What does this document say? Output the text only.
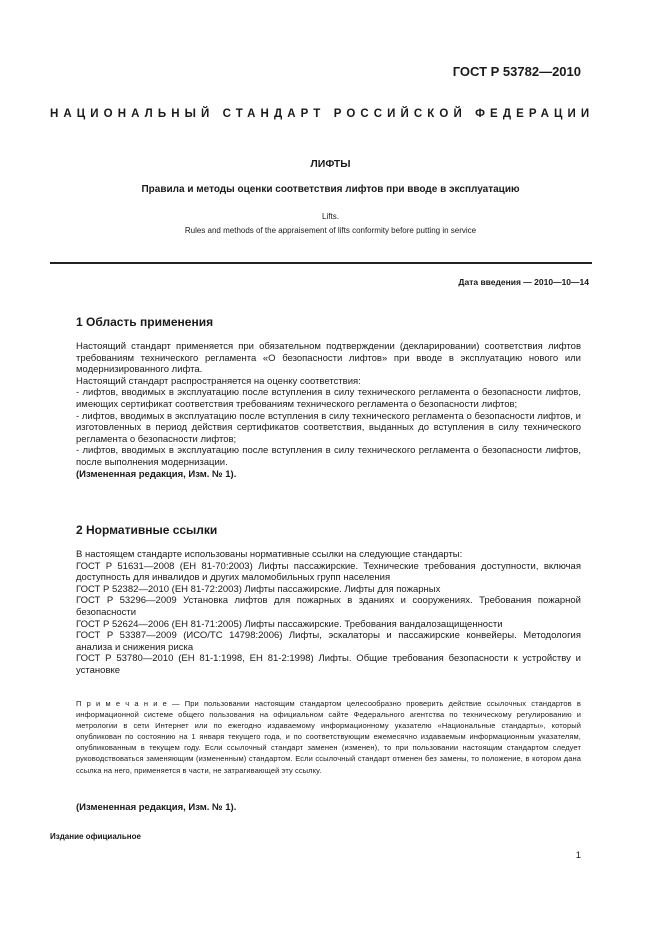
ГОСТ Р 53782—2010
НАЦИОНАЛЬНЫЙ СТАНДАРТ РОССИЙСКОЙ ФЕДЕРАЦИИ
ЛИФТЫ
Правила и методы оценки соответствия лифтов при вводе в эксплуатацию
Lifts.
Rules and methods of the appraisement of lifts conformity before putting in service
Дата введения — 2010—10—14
1 Область применения

Настоящий стандарт применяется при обязательном подтверждении (декларировании) соответствия лифтов требованиям технического регламента «О безопасности лифтов» при вводе в эксплуатацию нового или модернизированного лифта.

Настоящий стандарт распространяется на оценку соответствия:

- лифтов, вводимых в эксплуатацию после вступления в силу технического регламента о безопасности лифтов, имеющих сертификат соответствия требованиям технического регламента о безопасности лифтов;

- лифтов, вводимых в эксплуатацию после вступления в силу технического регламента о безопасности лифтов, и изготовленных в период действия сертификатов соответствия, выданных до вступления в силу технического регламента о безопасности лифтов;

- лифтов, вводимых в эксплуатацию после вступления в силу технического регламента о безопасности лифтов, после выполнения модернизации.

(Измененная редакция, Изм. № 1).

2 Нормативные ссылки

В настоящем стандарте использованы нормативные ссылки на следующие стандарты:

ГОСТ Р 51631—2008 (ЕН 81-70:2003) Лифты пассажирские. Технические требования доступности, включая доступность для инвалидов и других маломобильных групп населения

ГОСТ Р 52382—2010 (ЕН 81-72:2003) Лифты пассажирские. Лифты для пожарных

ГОСТ Р 53296—2009 Установка лифтов для пожарных в зданиях и сооружениях. Требования пожарной безопасности

ГОСТ Р 52624—2006 (ЕН 81-71:2005) Лифты пассажирские. Требования вандалозащищенности

ГОСТ Р 53387—2009 (ИСО/ТС 14798:2006) Лифты, эскалаторы и пассажирские конвейеры. Методология анализа и снижения риска

ГОСТ Р 53780—2010 (ЕН 81-1:1998, ЕН 81-2:1998) Лифты. Общие требования безопасности к устройству и установке

П р и м е ч а н и е — При пользовании настоящим стандартом целесообразно проверить действие ссылочных стандартов в информационной системе общего пользования на официальном сайте Федерального агентства по техническому регулированию и метрологии в сети Интернет или по ежегодно издаваемому информационному указателю «Национальные стандарты», который опубликован по состоянию на 1 января текущего года, и по соответствующим ежемесячно издаваемым информационным указателям, опубликованным в текущем году. Если ссылочный стандарт заменен (изменен), то при пользовании настоящим стандартом следует руководствоваться заменяющим (измененным) стандартом. Если ссылочный стандарт отменен без замены, то положение, в котором дана ссылка на него, применяется в части, не затрагивающей эту ссылку.

(Измененная редакция, Изм. № 1).
Издание официальное
1
